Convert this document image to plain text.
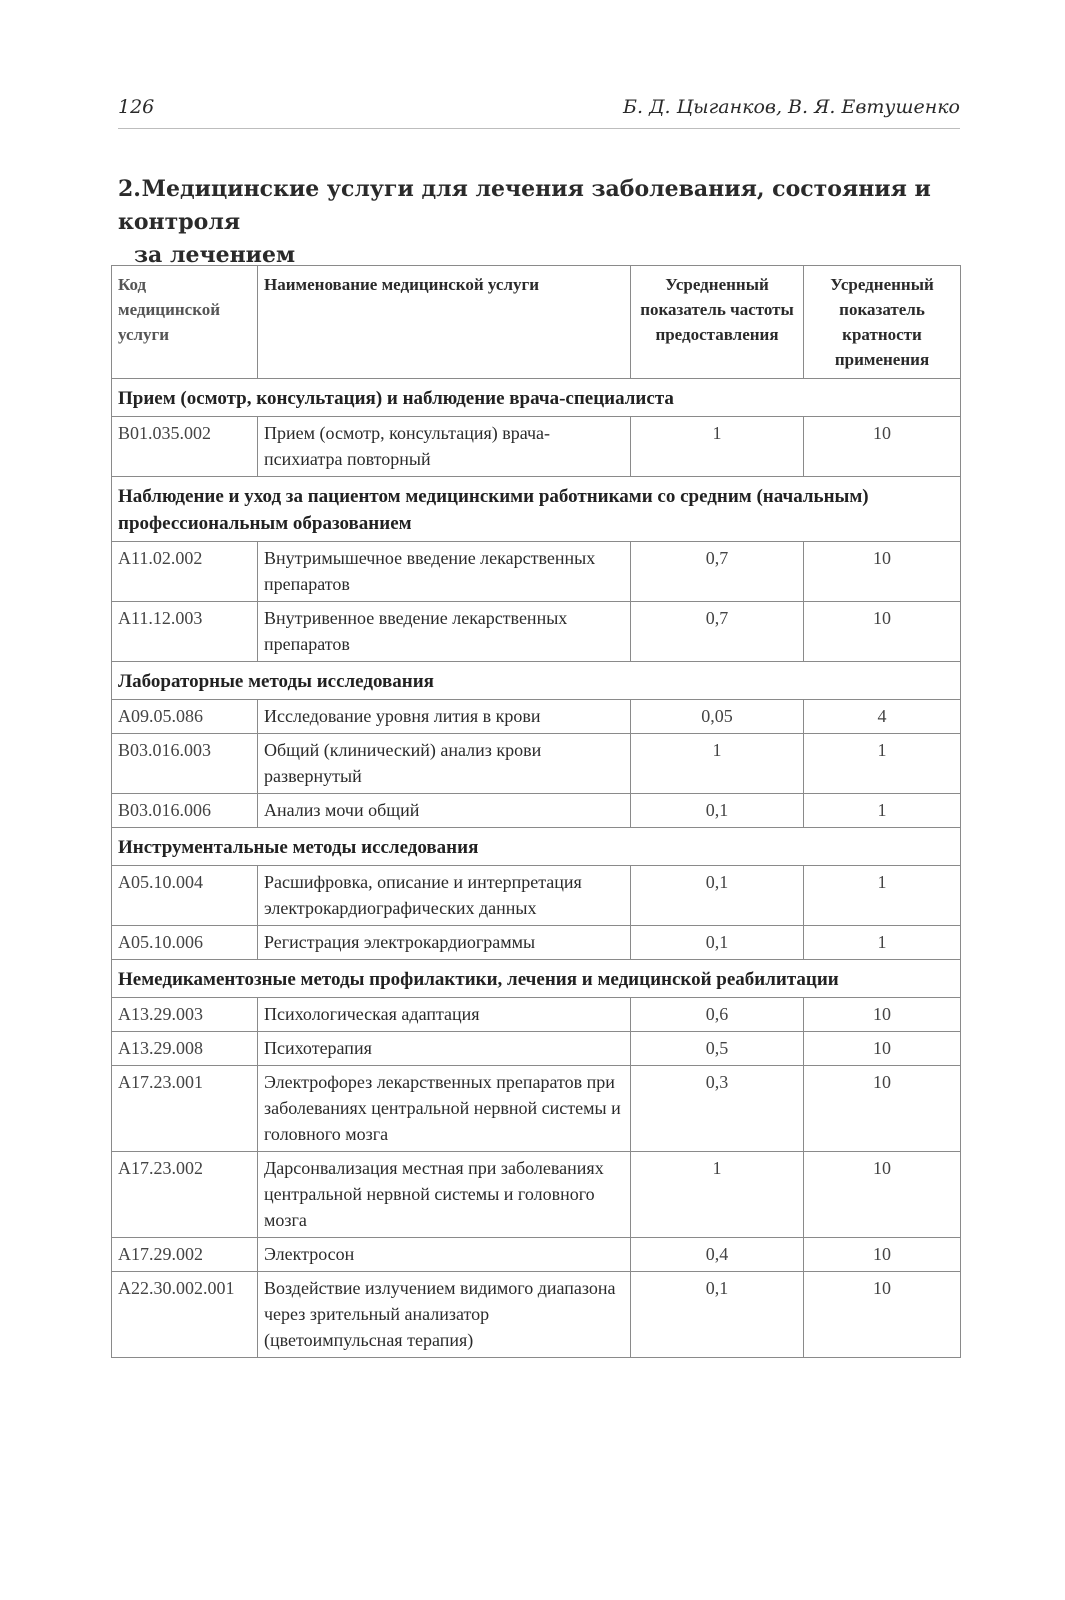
126	Б. Д. Цыганков, В. Я. Евтушенко
2. Медицинские услуги для лечения заболевания, состояния и контроля
за лечением
Код медицинской услуги	Наименование медицинской услуги	Усредненный показатель частоты предоставления	Усредненный показатель кратности применения
Прием (осмотр, консультация) и наблюдение врача-специалиста			
B01.035.002	Прием (осмотр, консультация) врача-психиатра повторный	1	10
Наблюдение и уход за пациентом медицинскими работниками со средним (начальным) профессиональным образованием			
A11.02.002	Внутримышечное введение лекарственных препаратов	0,7	10
A11.12.003	Внутривенное введение лекарственных препаратов	0,7	10
Лабораторные методы исследования			
A09.05.086	Исследование уровня лития в крови	0,05	4
B03.016.003	Общий (клинический) анализ крови развернутый	1	1
B03.016.006	Анализ мочи общий	0,1	1
Инструментальные методы исследования			
A05.10.004	Расшифровка, описание и интерпретация электрокардиографических данных	0,1	1
A05.10.006	Регистрация электрокардиограммы	0,1	1
Немедикаментозные методы профилактики, лечения и медицинской реабилитации			
A13.29.003	Психологическая адаптация	0,6	10
A13.29.008	Психотерапия	0,5	10
A17.23.001	Электрофорез лекарственных препаратов при заболеваниях центральной нервной системы и головного мозга	0,3	10
A17.23.002	Дарсонвализация местная при заболеваниях центральной нервной системы и головного мозга	1	10
A17.29.002	Электросон	0,4	10
A22.30.002.001	Воздействие излучением видимого диапазона через зрительный анализатор (цветоимпульсная терапия)	0,1	10
